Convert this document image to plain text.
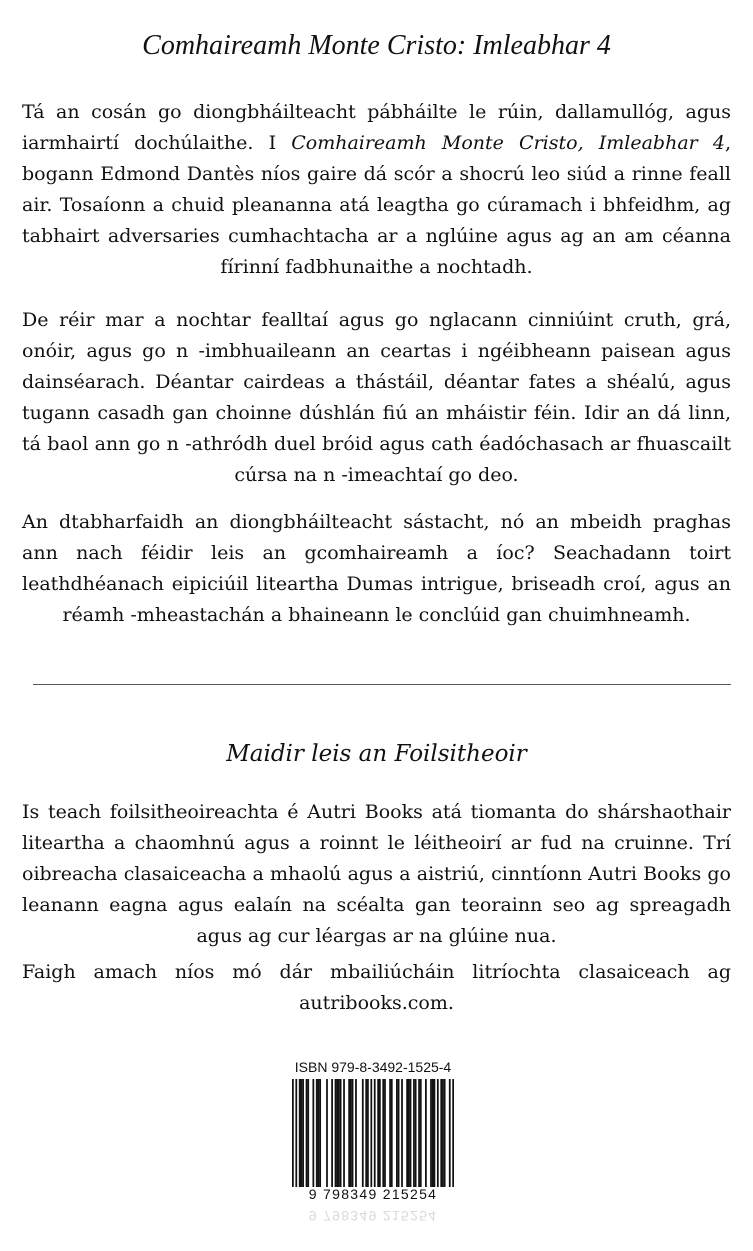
Comhaireamh Monte Cristo: Imleabhar 4

Tá an cosán go diongbháilteacht pábháilte le rúin, dallamullóg, agus iarmhairtí dochúlaithe. I Comhaireamh Monte Cristo, Imleabhar 4, bogann Edmond Dantès níos gaire dá scór a shocrú leo siúd a rinne feall air. Tosaíonn a chuid pleananna atá leagtha go cúramach i bhfeidhm, ag tabhairt adversaries cumhachtacha ar a nglúine agus ag an am céanna fírinní fadbhunaithe a nochtadh.

De réir mar a nochtar fealltaí agus go nglacann cinniúint cruth, grá, onóir, agus go n -imbhuaileann an ceartas i ngéibheann paisean agus dainséarach. Déantar cairdeas a thástáil, déantar fates a shéalú, agus tugann casadh gan choinne dúshlán fiú an mháistir féin. Idir an dá linn, tá baol ann go n -athródh duel bróid agus cath éadóchasach ar fhuascailt cúrsa na n -imeachtaí go deo.

An dtabharfaidh an diongbháilteacht sástacht, nó an mbeidh praghas ann nach féidir leis an gcomhaireamh a íoc? Seachadann toirt leathdhéanach eipiciúil liteartha Dumas intrigue, briseadh croí, agus an réamh -mheastachán a bhaineann le conclúid gan chuimhneamh.

Maidir leis an Foilsitheoir

Is teach foilsitheoireachta é Autri Books atá tiomanta do shárshaothair liteartha a chaomhnú agus a roinnt le léitheoirí ar fud na cruinne. Trí oibreacha clasaiceacha a mhaolú agus a aistriú, cinntíonn Autri Books go leanann eagna agus ealaín na scéalta gan teorainn seo ag spreagadh agus ag cur léargas ar na glúine nua.

Faigh amach níos mó dár mbailiúcháin litríochta clasaiceach ag autribooks.com.

ISBN 979-8-3492-1525-4
9 798349 215254
9 798349 215254
